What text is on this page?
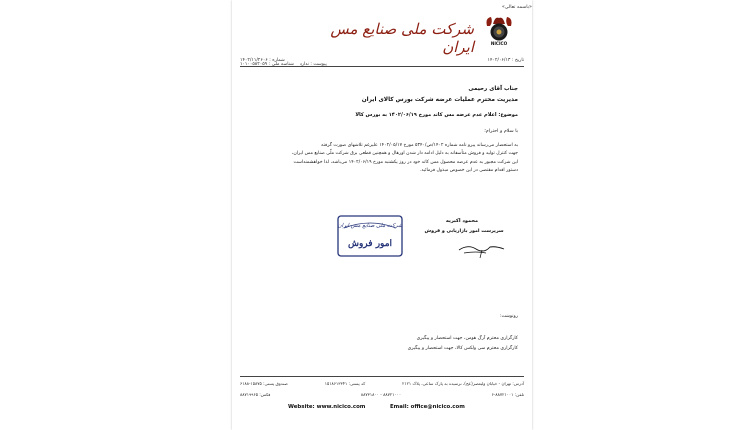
«باسمه تعالی»
NICICO
شرکت ملی صنایع مس ایران
تاریخ : ۱۴۰۲/۰۶/۱۳
شماره : ۱۴۰۲/۱۱/۲۶۰۶
پیوست : ندارد    شناسه ملی : ۱۰۱۰۰۵۸۲۰۵۹
جناب آقای رحیمی
مدیریت محترم عملیات عرضه شرکت بورس کالای ایران
موضوع: اعلام عدم عرضه مس کاتد مورخ ۱۴۰۲/۰۶/۱۹ به بورس کالا
با سلام و احترام؛

به استحضار می‌رساند پیرو نامه شماره ۱۴۰۲/ص/۵۳۴۰ مورخ ۱۴۰۲/۰۵/۱۷ علیرغم تلاشهای صورت گرفته

جهت کنترل تولید و فروش متأسفانه به دلیل ادامه دار شدن اورهال و همچنین قطعی برق شرکت ملّی صنایع مس ایران،

این شرکت مجبور به عدم عرضه محصول مس کاتد خود در روز یکشنبه مورخ ۱۴۰۲/۰۶/۱۹ می‌باشد، لذا خواهشمنداست

دستور اقدام مقتضی در این خصوص مبذول فرمائید.

محمود اکبریه
سرپرست امور بازاریابی و فروش
شرکت ملی صنایع مس ایران
امور فروش
رونوشت:
کارگزاری محترم آرگ هومن، جهت استحضار و پیگیری
کارگزاری محترم سی ولکس کالا، جهت استحضار و پیگیری
آدرس: تهران - خیابان ولیعصر(عج)، نرسیده به پارک ساعی، پلاک ۲۱۲۱
کد پستی: ۱۵۱۸۶۱۳۳۴۱
صندوق پستی: ۱۵۸۷۵-۶۱۸۸
تلفن: ۸۸۷۲۱۰۰۱-۶
۸۸۷۲۱۰۰۰ - ۸۸۷۳۱۸۰۰
فکس: ۸۸۷۱۹۹۶۵
Website: www.nicico.com	Email: office@nicico.com
